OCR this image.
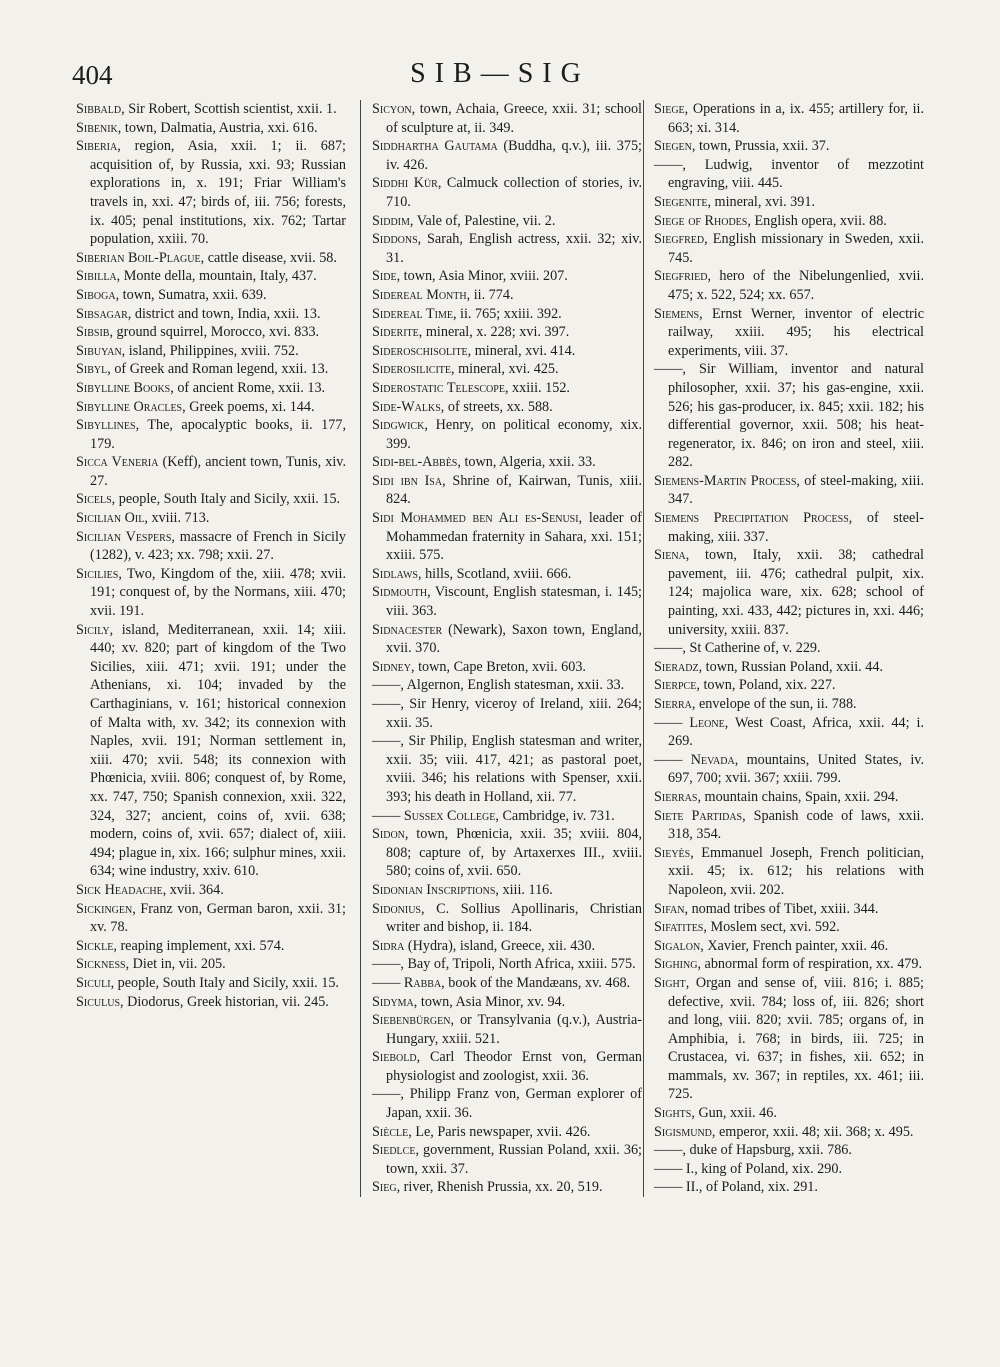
404	SIB—SIG

Sibbald, Sir Robert, Scottish scientist, xxii. 1.

Sibenik, town, Dalmatia, Austria, xxi. 616.

Siberia, region, Asia, xxii. 1; ii. 687; acquisition of, by Russia, xxi. 93; Russian explorations in, x. 191; Friar William's travels in, xxi. 47; birds of, iii. 756; forests, ix. 405; penal institutions, xix. 762; Tartar population, xxiii. 70.

Siberian Boil-Plague, cattle disease, xvii. 58.

Sibilla, Monte della, mountain, Italy, 437.

Siboga, town, Sumatra, xxii. 639.

Sibsagar, district and town, India, xxii. 13.

Sibsib, ground squirrel, Morocco, xvi. 833.

Sibuyan, island, Philippines, xviii. 752.

Sibyl, of Greek and Roman legend, xxii. 13.

Sibylline Books, of ancient Rome, xxii. 13.

Sibylline Oracles, Greek poems, xi. 144.

Sibyllines, The, apocalyptic books, ii. 177, 179.

Sicca Veneria (Keff), ancient town, Tunis, xiv. 27.

Sicels, people, South Italy and Sicily, xxii. 15.

Sicilian Oil, xviii. 713.

Sicilian Vespers, massacre of French in Sicily (1282), v. 423; xx. 798; xxii. 27.

Sicilies, Two, Kingdom of the, xiii. 478; xvii. 191; conquest of, by the Normans, xiii. 470; xvii. 191.

Sicily, island, Mediterranean, xxii. 14; xiii. 440; xv. 820; part of kingdom of the Two Sicilies, xiii. 471; xvii. 191; under the Athenians, xi. 104; invaded by the Carthaginians, v. 161; historical connexion of Malta with, xv. 342; its connexion with Naples, xvii. 191; Norman settlement in, xiii. 470; xvii. 548; its connexion with Phœnicia, xviii. 806; conquest of, by Rome, xx. 747, 750; Spanish connexion, xxii. 322, 324, 327; ancient, coins of, xvii. 638; modern, coins of, xvii. 657; dialect of, xiii. 494; plague in, xix. 166; sulphur mines, xxii. 634; wine industry, xxiv. 610.

Sick Headache, xvii. 364.

Sickingen, Franz von, German baron, xxii. 31; xv. 78.

Sickle, reaping implement, xxi. 574.

Sickness, Diet in, vii. 205.

Siculi, people, South Italy and Sicily, xxii. 15.

Siculus, Diodorus, Greek historian, vii. 245.

Sicyon, town, Achaia, Greece, xxii. 31; school of sculpture at, ii. 349.

Siddhartha Gautama (Buddha, q.v.), iii. 375; iv. 426.

Siddhi Kür, Calmuck collection of stories, iv. 710.

Siddim, Vale of, Palestine, vii. 2.

Siddons, Sarah, English actress, xxii. 32; xiv. 31.

Side, town, Asia Minor, xviii. 207.

Sidereal Month, ii. 774.

Sidereal Time, ii. 765; xxiii. 392.

Siderite, mineral, x. 228; xvi. 397.

Sideroschisolite, mineral, xvi. 414.

Siderosilicite, mineral, xvi. 425.

Siderostatic Telescope, xxiii. 152.

Side-Walks, of streets, xx. 588.

Sidgwick, Henry, on political economy, xix. 399.

Sidi-bel-Abbès, town, Algeria, xxii. 33.

Sidi ibn Isa, Shrine of, Kairwan, Tunis, xiii. 824.

Sidi Mohammed ben Ali es-Senusi, leader of Mohammedan fraternity in Sahara, xxi. 151; xxiii. 575.

Sidlaws, hills, Scotland, xviii. 666.

Sidmouth, Viscount, English statesman, i. 145; viii. 363.

Sidnacester (Newark), Saxon town, England, xvii. 370.

Sidney, town, Cape Breton, xvii. 603.

——, Algernon, English statesman, xxii. 33.

——, Sir Henry, viceroy of Ireland, xiii. 264; xxii. 35.

——, Sir Philip, English statesman and writer, xxii. 35; viii. 417, 421; as pastoral poet, xviii. 346; his relations with Spenser, xxii. 393; his death in Holland, xii. 77.

—— Sussex College, Cambridge, iv. 731.

Sidon, town, Phœnicia, xxii. 35; xviii. 804, 808; capture of, by Artaxerxes III., xviii. 580; coins of, xvii. 650.

Sidonian Inscriptions, xiii. 116.

Sidonius, C. Sollius Apollinaris, Christian writer and bishop, ii. 184.

Sidra (Hydra), island, Greece, xii. 430.

——, Bay of, Tripoli, North Africa, xxiii. 575.

—— Rabba, book of the Mandæans, xv. 468.

Sidyma, town, Asia Minor, xv. 94.

Siebenbürgen, or Transylvania (q.v.), Austria-Hungary, xxiii. 521.

Siebold, Carl Theodor Ernst von, German physiologist and zoologist, xxii. 36.

——, Philipp Franz von, German explorer of Japan, xxii. 36.

Siècle, Le, Paris newspaper, xvii. 426.

Siedlce, government, Russian Poland, xxii. 36; town, xxii. 37.

Sieg, river, Rhenish Prussia, xx. 20, 519.

Siege, Operations in a, ix. 455; artillery for, ii. 663; xi. 314.

Siegen, town, Prussia, xxii. 37.

——, Ludwig, inventor of mezzotint engraving, viii. 445.

Siegenite, mineral, xvi. 391.

Siege of Rhodes, English opera, xvii. 88.

Siegfred, English missionary in Sweden, xxii. 745.

Siegfried, hero of the Nibelungenlied, xvii. 475; x. 522, 524; xx. 657.

Siemens, Ernst Werner, inventor of electric railway, xxiii. 495; his electrical experiments, viii. 37.

——, Sir William, inventor and natural philosopher, xxii. 37; his gas-engine, xxii. 526; his gas-producer, ix. 845; xxii. 182; his differential governor, xxii. 508; his heat-regenerator, ix. 846; on iron and steel, xiii. 282.

Siemens-Martin Process, of steel-making, xiii. 347.

Siemens Precipitation Process, of steel-making, xiii. 337.

Siena, town, Italy, xxii. 38; cathedral pavement, iii. 476; cathedral pulpit, xix. 124; majolica ware, xix. 628; school of painting, xxi. 433, 442; pictures in, xxi. 446; university, xxiii. 837.

——, St Catherine of, v. 229.

Sieradz, town, Russian Poland, xxii. 44.

Sierpce, town, Poland, xix. 227.

Sierra, envelope of the sun, ii. 788.

—— Leone, West Coast, Africa, xxii. 44; i. 269.

—— Nevada, mountains, United States, iv. 697, 700; xvii. 367; xxiii. 799.

Sierras, mountain chains, Spain, xxii. 294.

Siete Partidas, Spanish code of laws, xxii. 318, 354.

Sieyès, Emmanuel Joseph, French politician, xxii. 45; ix. 612; his relations with Napoleon, xvii. 202.

Sifan, nomad tribes of Tibet, xxiii. 344.

Sifatites, Moslem sect, xvi. 592.

Sigalon, Xavier, French painter, xxii. 46.

Sighing, abnormal form of respiration, xx. 479.

Sight, Organ and sense of, viii. 816; i. 885; defective, xvii. 784; loss of, iii. 826; short and long, viii. 820; xvii. 785; organs of, in Amphibia, i. 768; in birds, iii. 725; in Crustacea, vi. 637; in fishes, xii. 652; in mammals, xv. 367; in reptiles, xx. 461; iii. 725.

Sights, Gun, xxii. 46.

Sigismund, emperor, xxii. 48; xii. 368; x. 495.

——, duke of Hapsburg, xxii. 786.

—— I., king of Poland, xix. 290.

—— II., of Poland, xix. 291.
